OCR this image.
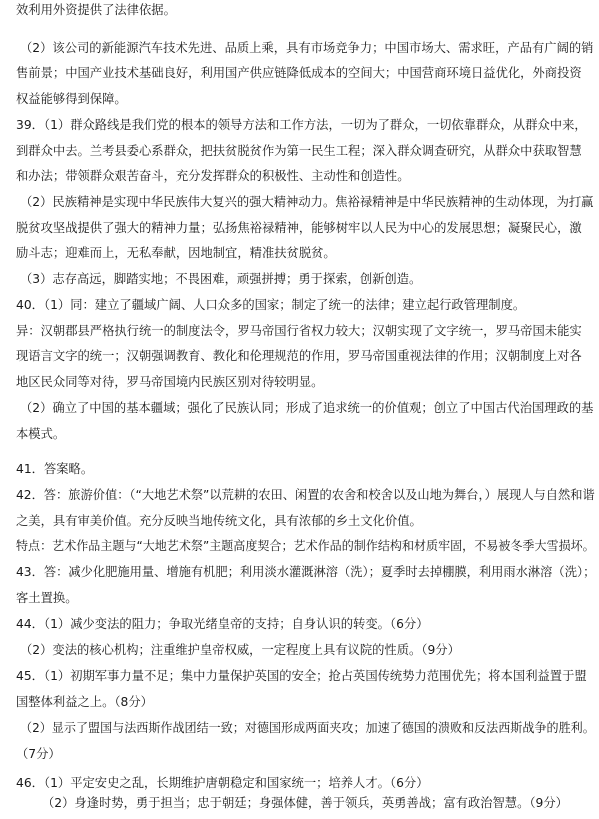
效利用外资提供了法律依据。
（2）该公司的新能源汽车技术先进、品质上乘，具有市场竞争力；中国市场大、需求旺，产品有广阔的销
售前景；中国产业技术基础良好，利用国产供应链降低成本的空间大；中国营商环境日益优化，外商投资
权益能够得到保障。
39．（1）群众路线是我们党的根本的领导方法和工作方法，一切为了群众，一切依靠群众，从群众中来，
到群众中去。兰考县委心系群众，把扶贫脱贫作为第一民生工程；深入群众调查研究，从群众中获取智慧
和办法；带领群众艰苦奋斗，充分发挥群众的积极性、主动性和创造性。
（2）民族精神是实现中华民族伟大复兴的强大精神动力。焦裕禄精神是中华民族精神的生动体现，为打赢
脱贫攻坚战提供了强大的精神力量；弘扬焦裕禄精神，能够树牢以人民为中心的发展思想；凝聚民心，激
励斗志；迎难而上，无私奉献，因地制宜，精准扶贫脱贫。
（3）志存高远，脚踏实地；不畏困难，顽强拼搏；勇于探索，创新创造。
40．（1）同：建立了疆域广阔、人口众多的国家；制定了统一的法律；建立起行政管理制度。
异：汉朝郡县严格执行统一的制度法令，罗马帝国行省权力较大；汉朝实现了文字统一，罗马帝国未能实
现语言文字的统一；汉朝强调教育、教化和伦理规范的作用，罗马帝国重视法律的作用；汉朝制度上对各
地区民众同等对待，罗马帝国境内民族区别对待较明显。
（2）确立了中国的基本疆域；强化了民族认同；形成了追求统一的价值观；创立了中国古代治国理政的基
本模式。
41．答案略。
42．答：旅游价值：（“大地艺术祭”以荒耕的农田、闲置的农舍和校舍以及山地为舞台，）展现人与自然和谐
之美，具有审美价值。充分反映当地传统文化，具有浓郁的乡土文化价值。
特点：艺术作品主题与“大地艺术祭”主题高度契合；艺术作品的制作结构和材质牢固，不易被冬季大雪损坏。
43．答：减少化肥施用量、增施有机肥；利用淡水灌溉淋溶（洗）；夏季时去掉棚膜，利用雨水淋溶（洗）；
客土置换。
44．（1）减少变法的阻力；争取光绪皇帝的支持；自身认识的转变。（6分）
（2）变法的核心机构；注重维护皇帝权威，一定程度上具有议院的性质。（9分）
45．（1）初期军事力量不足；集中力量保护英国的安全；抢占英国传统势力范围优先；将本国利益置于盟
国整体利益之上。（8分）
（2）显示了盟国与法西斯作战团结一致；对德国形成两面夹攻；加速了德国的溃败和反法西斯战争的胜利。
（7分）
46．（1）平定安史之乱，长期维护唐朝稳定和国家统一；培养人才。（6分）
（2）身逢时势，勇于担当；忠于朝廷；身强体健，善于领兵，英勇善战；富有政治智慧。（9分）
